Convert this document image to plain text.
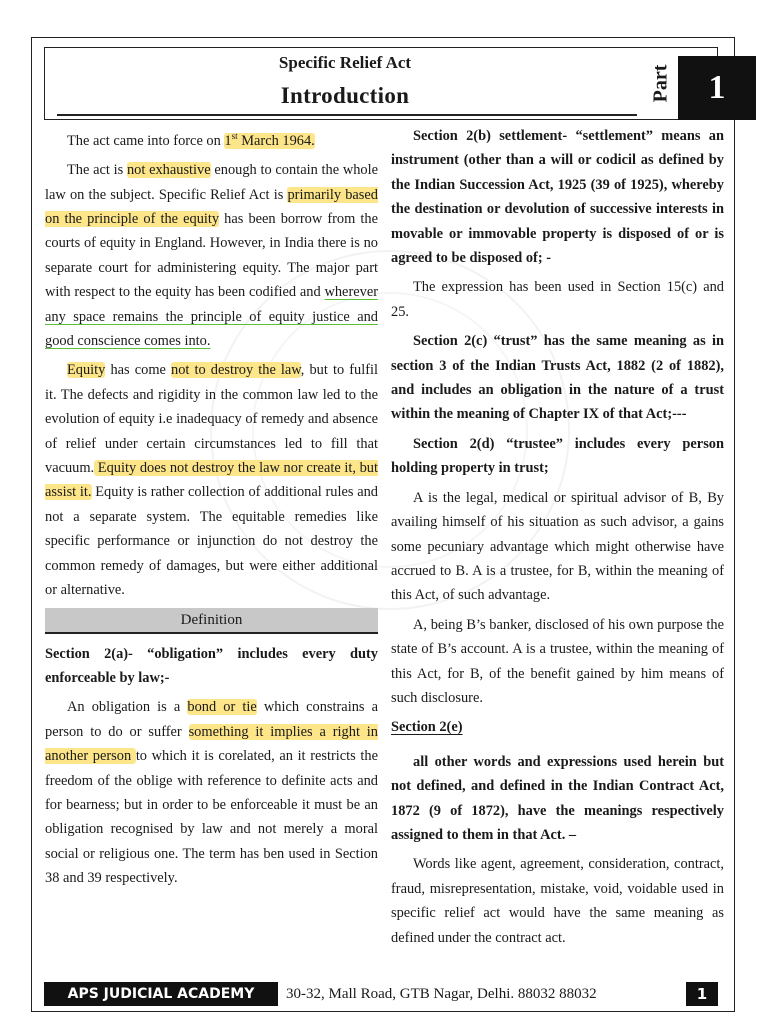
Specific Relief Act
Introduction	Part	1

The act came into force on 1st March 1964.

The act is not exhaustive enough to contain the whole law on the subject. Specific Relief Act is primarily based on the principle of the equity has been borrow from the courts of equity in England. However, in India there is no separate court for administering equity. The major part with respect to the equity has been codified and wherever any space remains the principle of equity justice and good conscience comes into.

Equity has come not to destroy the law, but to fulfil it. The defects and rigidity in the common law led to the evolution of equity i.e inadequacy of remedy and absence of relief under certain circumstances led to fill that vacuum. Equity does not destroy the law nor create it, but assist it. Equity is rather collection of additional rules and not a separate system. The equitable remedies like specific performance or injunction do not destroy the common remedy of damages, but were either additional or alternative.

Definition

Section 2(a)- “obligation” includes every duty enforceable by law;-

An obligation is a bond or tie which constrains a person to do or suffer something it implies a right in another person to which it is corelated, an it restricts the freedom of the oblige with reference to definite acts and for bearness; but in order to be enforceable it must be an obligation recognised by law and not merely a moral social or religious one. The term has ben used in Section 38 and 39 respectively.

Section 2(b) settlement- “settlement” means an instrument (other than a will or codicil as defined by the Indian Succession Act, 1925 (39 of 1925), whereby the destination or devolution of successive interests in movable or immovable property is disposed of or is agreed to be disposed of; -

The expression has been used in Section 15(c) and 25.

Section 2(c) “trust” has the same meaning as in section 3 of the Indian Trusts Act, 1882 (2 of 1882), and includes an obligation in the nature of a trust within the meaning of Chapter IX of that Act;---

Section 2(d) “trustee” includes every person holding property in trust;

A is the legal, medical or spiritual advisor of B, By availing himself of his situation as such advisor, a gains some pecuniary advantage which might otherwise have accrued to B. A is a trustee, for B, within the meaning of this Act, of such advantage.

A, being B’s banker, disclosed of his own purpose the state of B’s account. A is a trustee, within the meaning of this Act, for B, of the benefit gained by him means of such disclosure.

Section 2(e)

all other words and expressions used herein but not defined, and defined in the Indian Contract Act, 1872 (9 of 1872), have the meanings respectively assigned to them in that Act. –

Words like agent, agreement, consideration, contract, fraud, misrepresentation, mistake, void, voidable used in specific relief act would have the same meaning as defined under the contract act.

APS JUDICIAL ACADEMY	30-32, Mall Road, GTB Nagar, Delhi. 88032 88032	1
